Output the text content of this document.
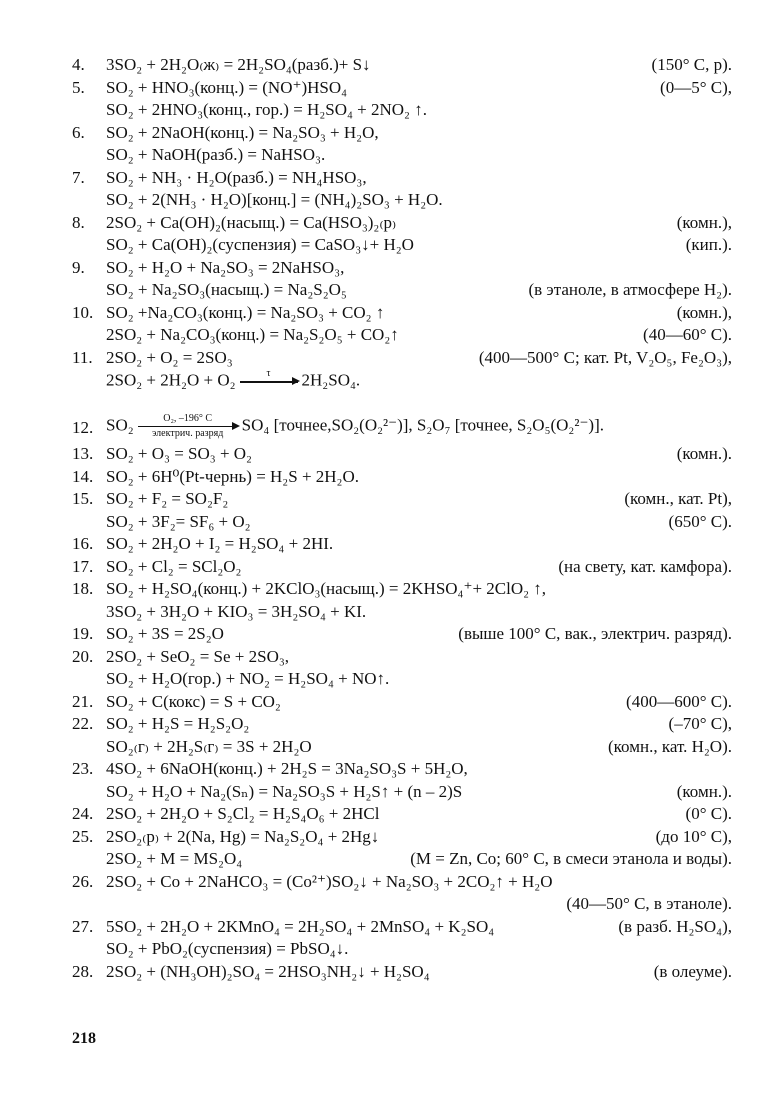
4.	3SO₂ + 2H₂O₍ж₎ = 2H₂SO₄(разб.)+ S↓	(150° C, p).
5.	SO₂ + HNO₃(конц.) = (NO⁺)HSO₄	(0—5° C),
SO₂ + 2HNO₃(конц., гор.) = H₂SO₄ + 2NO₂ ↑.
6.	SO₂ + 2NaOH(конц.) = Na₂SO₃ + H₂O,
SO₂ + NaOH(разб.) = NaHSO₃.
7.	SO₂ + NH₃ · H₂O(разб.) = NH₄HSO₃,
SO₂ + 2(NH₃ · H₂O)[конц.] = (NH₄)₂SO₃ + H₂O.
8.	2SO₂ + Ca(OH)₂(насыщ.) = Ca(HSO₃)₂₍р₎	(комн.),
SO₂ + Ca(OH)₂(суспензия) = CaSO₃↓+ H₂O	(кип.).
9.	SO₂ + H₂O + Na₂SO₃ = 2NaHSO₃,
SO₂ + Na₂SO₃(насыщ.) = Na₂S₂O₅	(в этаноле, в атмосфере H₂).
10. SO₂ +Na₂CO₃(конц.) = Na₂SO₃ + CO₂ ↑	(комн.),
2SO₂ + Na₂CO₃(конц.) = Na₂S₂O₅ + CO₂↑	(40—60° C).
11. 2SO₂ + O₂ = 2SO₃	(400—500° C; кат. Pt, V₂O₅, Fe₂O₃),
2SO₂ + 2H₂O + O₂	τ
2H₂SO₄.
12. SO₂	O₂, –196° C
электрич. разряд SO₄ [точнее,SO₂(O₂²⁻)], S₂O₇ [точнее, S₂O₅(O₂²⁻)].
13. SO₂ + O₃ = SO₃ + O₂	(комн.).
14. SO₂ + 6H⁰(Pt-чернь) = H₂S + 2H₂O.
15. SO₂ + F₂ = SO₂F₂	(комн., кат. Pt),
SO₂ + 3F₂= SF₆ + O₂	(650° C).
16. SO₂ + 2H₂O + I₂ = H₂SO₄ + 2HI.
17. SO₂ + Cl₂ = SCl₂O₂	(на свету, кат. камфора).
18. SO₂ + H₂SO₄(конц.) + 2KClO₃(насыщ.) = 2KHSO₄⁺+ 2ClO₂ ↑,
3SO₂ + 3H₂O + KIO₃ = 3H₂SO₄ + KI.
19. SO₂ + 3S = 2S₂O	(выше 100° C, вак., электрич. разряд).
20. 2SO₂ + SeO₂ = Se + 2SO₃,
SO₂ + H₂O(гор.) + NO₂ = H₂SO₄ + NO↑.
21. SO₂ + C(кокс) = S + CO₂	(400—600° C).
22. SO₂ + H₂S = H₂S₂O₂	(–70° C),
SO₂₍г₎ + 2H₂S₍г₎ = 3S + 2H₂O	(комн., кат. H₂O).
23. 4SO₂ + 6NaOH(конц.) + 2H₂S = 3Na₂SO₃S + 5H₂O,
SO₂ + H₂O + Na₂(Sₙ) = Na₂SO₃S + H₂S↑ + (n – 2)S	(комн.).
24. 2SO₂ + 2H₂O + S₂Cl₂ = H₂S₄O₆ + 2HCl	(0° C).
25. 2SO₂₍р₎ + 2(Na, Hg) = Na₂S₂O₄ + 2Hg↓	(до 10° C),
2SO₂ + M = MS₂O₄	(M = Zn, Co; 60° C, в смеси этанола и воды).
26. 2SO₂ + Co + 2NaHCO₃ = (Co²⁺)SO₂↓ + Na₂SO₃ + 2CO₂↑ + H₂O
(40—50° C, в этаноле).
27. 5SO₂ + 2H₂O + 2KMnO₄ = 2H₂SO₄ + 2MnSO₄ + K₂SO₄	(в разб. H₂SO₄),
SO₂ + PbO₂(суспензия) = PbSO₄↓.
28. 2SO₂ + (NH₃OH)₂SO₄ = 2HSO₃NH₂↓ + H₂SO₄	(в олеуме).
218
